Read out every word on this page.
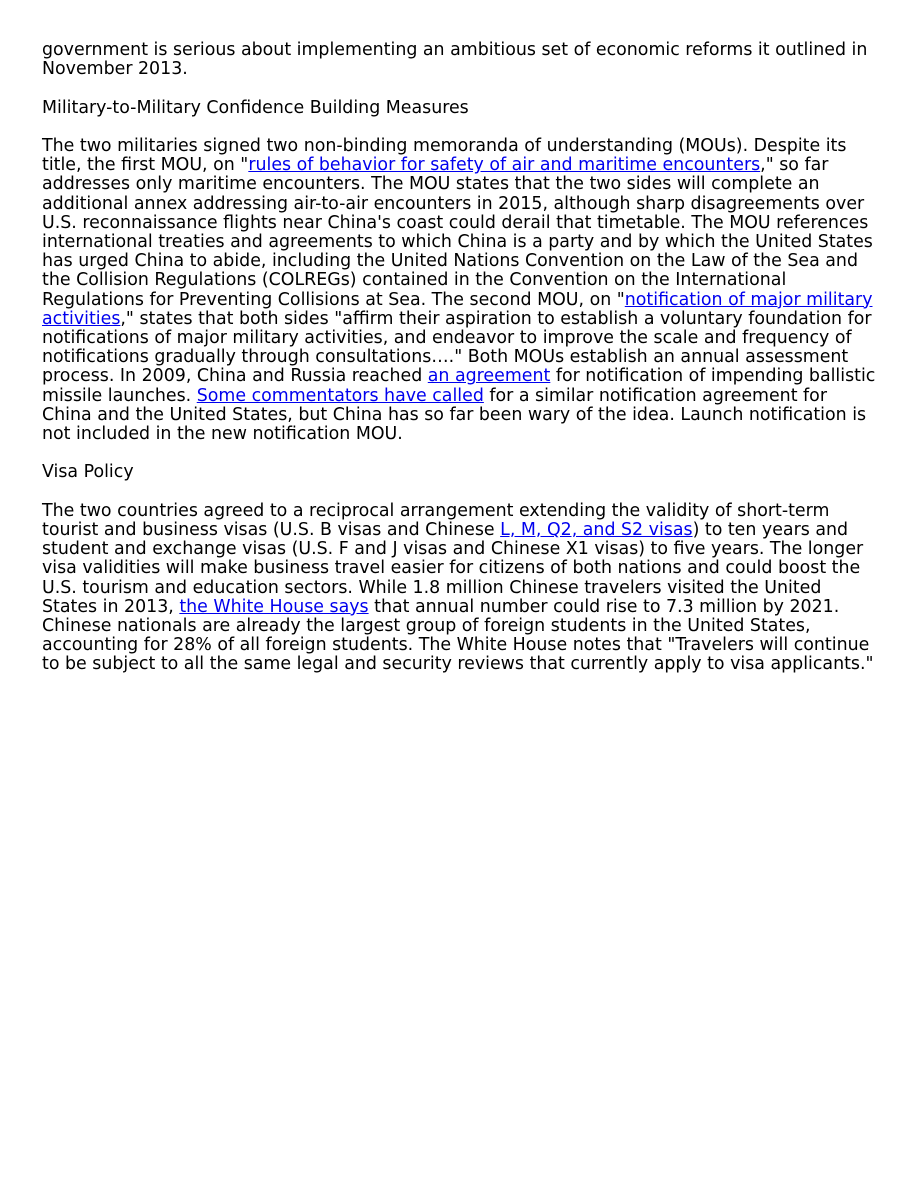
government is serious about implementing an ambitious set of economic reforms it outlined in November 2013.

Military-to-Military Confidence Building Measures

The two militaries signed two non-binding memoranda of understanding (MOUs). Despite its title, the first MOU, on "rules of behavior for safety of air and maritime encounters," so far addresses only maritime encounters. The MOU states that the two sides will complete an additional annex addressing air-to-air encounters in 2015, although sharp disagreements over U.S. reconnaissance flights near China's coast could derail that timetable. The MOU references international treaties and agreements to which China is a party and by which the United States has urged China to abide, including the United Nations Convention on the Law of the Sea and the Collision Regulations (COLREGs) contained in the Convention on the International Regulations for Preventing Collisions at Sea. The second MOU, on "notification of major military activities," states that both sides "affirm their aspiration to establish a voluntary foundation for notifications of major military activities, and endeavor to improve the scale and frequency of notifications gradually through consultations…." Both MOUs establish an annual assessment process. In 2009, China and Russia reached an agreement for notification of impending ballistic missile launches. Some commentators have called for a similar notification agreement for China and the United States, but China has so far been wary of the idea. Launch notification is not included in the new notification MOU.

Visa Policy

The two countries agreed to a reciprocal arrangement extending the validity of short-term tourist and business visas (U.S. B visas and Chinese L, M, Q2, and S2 visas) to ten years and student and exchange visas (U.S. F and J visas and Chinese X1 visas) to five years. The longer visa validities will make business travel easier for citizens of both nations and could boost the U.S. tourism and education sectors. While 1.8 million Chinese travelers visited the United States in 2013, the White House says that annual number could rise to 7.3 million by 2021. Chinese nationals are already the largest group of foreign students in the United States, accounting for 28% of all foreign students. The White House notes that "Travelers will continue to be subject to all the same legal and security reviews that currently apply to visa applicants."
